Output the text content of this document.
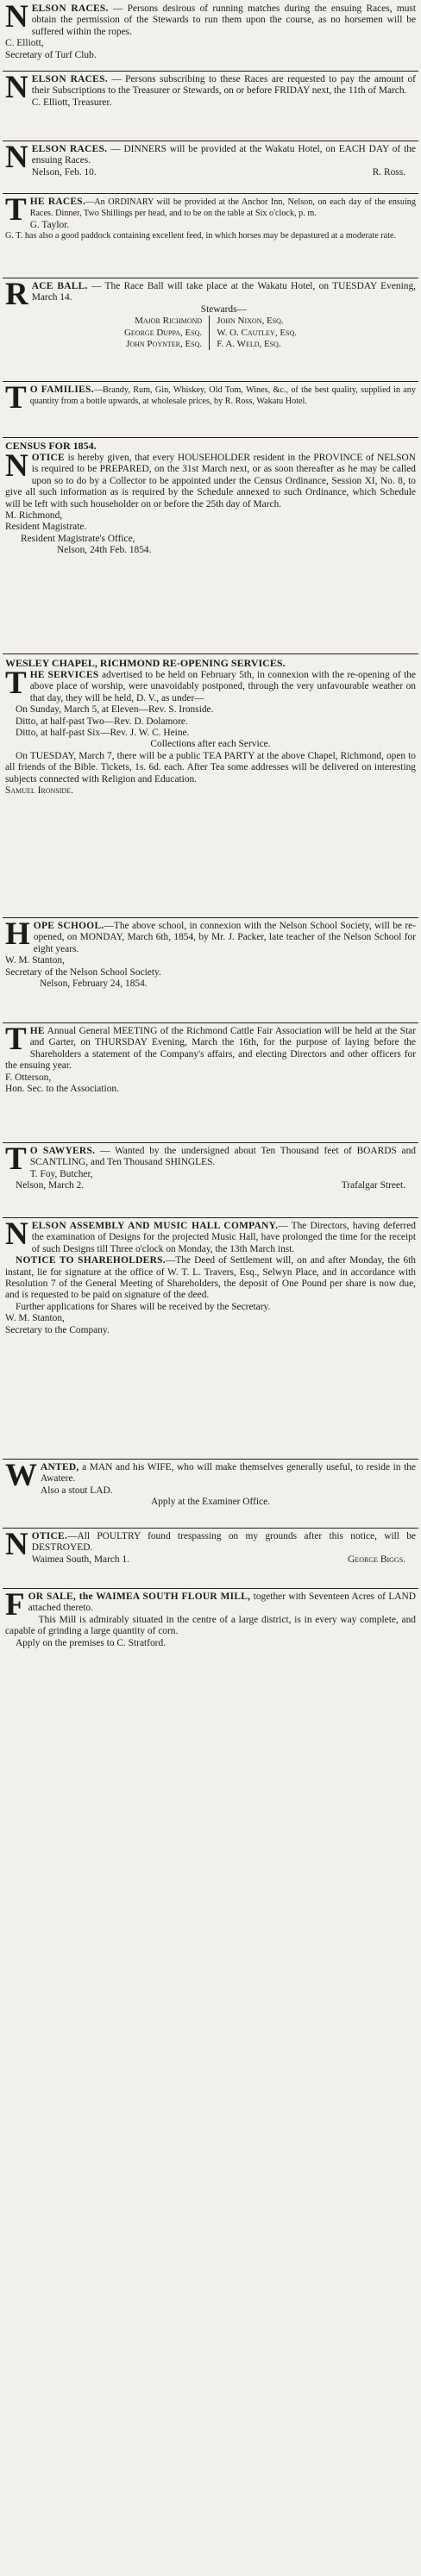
NELSON RACES. — Persons desirous of running matches during the ensuing Races, must obtain the permission of the Stewards to run them upon the course, as no horsemen will be suffered within the ropes.

C. Elliott,

Secretary of Turf Club.

NELSON RACES. — Persons subscribing to these Races are requested to pay the amount of their Subscriptions to the Treasurer or Stewards, on or before FRIDAY next, the 11th of March.

C. Elliott, Treasurer.

NELSON RACES. — DINNERS will be provided at the Wakatu Hotel, on EACH DAY of the ensuing Races.

Nelson, Feb. 10.	R. Ross.

THE RACES.—An ORDINARY will be provided at the Anchor Inn, Nelson, on each day of the ensuing Races. Dinner, Two Shillings per head, and to be on the table at Six o'clock, p. m.

G. Taylor.

G. T. has also a good paddock containing excellent feed, in which horses may be depastured at a moderate rate.

RACE BALL. — The Race Ball will take place at the Wakatu Hotel, on TUESDAY Evening, March 14.

Stewards—

Major Richmond	John Nixon, Esq.
George Duppa, Esq.	W. O. Cautley, Esq.
John Poynter, Esq.	F. A. Weld, Esq.

T O FAMILIES.—Brandy, Rum, Gin, Whiskey, Old Tom, Wines, &c., of the best quality, supplied in any quantity from a bottle upwards, at wholesale prices, by R. Ross, Wakatu Hotel.

CENSUS FOR 1854.

NOTICE is hereby given, that every HOUSEHOLDER resident in the PROVINCE of NELSON is required to be PREPARED, on the 31st March next, or as soon thereafter as he may be called upon so to do by a Collector to be appointed under the Census Ordinance, Session XI, No. 8, to give all such information as is required by the Schedule annexed to such Ordinance, which Schedule will be left with such householder on or before the 25th day of March.

M. Richmond,

Resident Magistrate.

Resident Magistrate's Office,

Nelson, 24th Feb. 1854.

WESLEY CHAPEL, RICHMOND RE-OPENING SERVICES.

THE SERVICES advertised to be held on February 5th, in connexion with the re-opening of the above place of worship, were unavoidably postponed, through the very unfavourable weather on that day, they will be held, D. V., as under—

On Sunday, March 5, at Eleven—Rev. S. Ironside.

Ditto, at half-past Two—Rev. D. Dolamore.

Ditto, at half-past Six—Rev. J. W. C. Heine.

Collections after each Service.

On TUESDAY, March 7, there will be a public TEA PARTY at the above Chapel, Richmond, open to all friends of the Bible. Tickets, 1s. 6d. each. After Tea some addresses will be delivered on interesting subjects connected with Religion and Education.

Samuel Ironside.

HOPE SCHOOL.—The above school, in connexion with the Nelson School Society, will be re-opened, on MONDAY, March 6th, 1854, by Mr. J. Packer, late teacher of the Nelson School for eight years.

W. M. Stanton,

Secretary of the Nelson School Society.

Nelson, February 24, 1854.

THE Annual General MEETING of the Richmond Cattle Fair Association will be held at the Star and Garter, on THURSDAY Evening, March the 16th, for the purpose of laying before the Shareholders a statement of the Company's affairs, and electing Directors and other officers for the ensuing year.

F. Otterson,

Hon. Sec. to the Association.

T O SAWYERS. — Wanted by the undersigned about Ten Thousand feet of BOARDS and SCANTLING, and Ten Thousand SHINGLES.

T. Foy, Butcher,

Nelson, March 2.	Trafalgar Street.

NELSON ASSEMBLY AND MUSIC HALL COMPANY.— The Directors, having deferred the examination of Designs for the projected Music Hall, have prolonged the time for the receipt of such Designs till Three o'clock on Monday, the 13th March inst.

NOTICE TO SHAREHOLDERS.—The Deed of Settlement will, on and after Monday, the 6th instant, lie for signature at the office of W. T. L. Travers, Esq., Selwyn Place, and in accordance with Resolution 7 of the General Meeting of Shareholders, the deposit of One Pound per share is now due, and is requested to be paid on signature of the deed.

Further applications for Shares will be received by the Secretary.

W. M. Stanton,

Secretary to the Company.

WANTED, a MAN and his WIFE, who will make themselves generally useful, to reside in the Awatere.

Also a stout LAD.

Apply at the Examiner Office.

NOTICE.—All POULTRY found trespassing on my grounds after this notice, will be DESTROYED.

Waimea South, March 1.	George Biggs.

FOR SALE, the WAIMEA SOUTH FLOUR MILL, together with Seventeen Acres of LAND attached thereto.

This Mill is admirably situated in the centre of a large district, is in every way complete, and capable of grinding a large quantity of corn.

Apply on the premises to C. Stratford.
